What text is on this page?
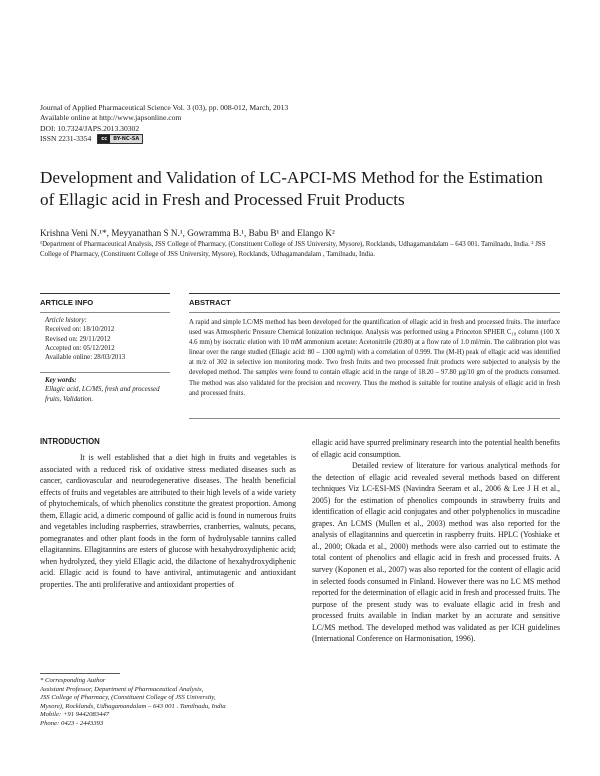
Journal of Applied Pharmaceutical Science Vol. 3 (03), pp. 008-012, March, 2013
Available online at http://www.japsonline.com
DOI: 10.7324/JAPS.2013.30302
ISSN 2231-3354	cc	BY-NC-SA
Development and Validation of LC-APCI-MS Method for the Estimation of Ellagic acid in Fresh and Processed Fruit Products
Krishna Veni N.¹*, Meyyanathan S N.¹, Gowramma B.¹, Babu B¹ and Elango K²
¹Department of Pharmaceutical Analysis, JSS College of Pharmacy, (Constituent College of JSS University, Mysore), Rocklands, Udhagamandalam – 643 001. Tamilnadu, India. ² JSS College of Pharmacy, (Constituent College of JSS University, Mysore), Rocklands, Udhagamandalam , Tamilnadu, India.
ARTICLE INFO
Article history:
Received on: 18/10/2012
Revised on: 29/11/2012
Accepted on: 05/12/2012
Available online: 28/03/2013
Key words:
Ellagic acid, LC/MS, fresh and processed fruits, Validation.
ABSTRACT
A rapid and simple LC/MS method has been developed for the quantification of ellagic acid in fresh and processed fruits. The interface used was Atmospheric Pressure Chemical Ionization technique. Analysis was performed using a Princeton SPHER C₁₈ column (100 X 4.6 mm) by isocratic elution with 10 mM ammonium acetate: Acetonitrile (20:80) at a flow rate of 1.0 ml/min. The calibration plot was linear over the range studied (Ellagic acid: 80 – 1300 ng/ml) with a correlation of 0.999. The (M-H) peak of ellagic acid was identified at m/z of 302 in selective ion monitoring mode. Two fresh fruits and two processed fruit products were subjected to analysis by the developed method. The samples were found to contain ellagic acid in the range of 18.20 – 97.80 µg/10 gm of the products consumed. The method was also validated for the precision and recovery. Thus the method is suitable for routine analysis of ellagic acid in fresh and processed fruits.
INTRODUCTION

It is well established that a diet high in fruits and vegetables is associated with a reduced risk of oxidative stress mediated diseases such as cancer, cardiovascular and neurodegenerative diseases. The health beneficial effects of fruits and vegetables are attributed to their high levels of a wide variety of phytochemicals, of which phenolics constitute the greatest proportion. Among them, Ellagic acid, a dimeric compound of gallic acid is found in numerous fruits and vegetables including raspberries, strawberries, cranberries, walnuts, pecans, pomegranates and other plant foods in the form of hydrolysable tannins called ellagitannins. Ellagitannins are esters of glucose with hexahydroxydiphenic acid; when hydrolyzed, they yield Ellagic acid, the dilactone of hexahydroxydiphenic acid. Ellagic acid is found to have antiviral, antimutagenic and antioxidant properties. The anti proliferative and antioxidant properties of

ellagic acid have spurred preliminary research into the potential health benefits of ellagic acid consumption.

Detailed review of literature for various analytical methods for the detection of ellagic acid revealed several methods based on different techniques Viz LC-ESI-MS (Navindra Seeram et al., 2006 & Lee J H et al., 2005) for the estimation of phenolics compounds in strawberry fruits and identification of ellagic acid conjugates and other polyphenolics in muscadine grapes. An LCMS (Mullen et al., 2003) method was also reported for the analysis of ellagitannins and quercetin in raspberry fruits. HPLC (Yoshiake et al., 2000; Okada et al., 2000) methods were also carried out to estimate the total content of phenolics and ellagic acid in fresh and processed fruits. A survey (Koponen et al., 2007) was also reported for the content of ellagic acid in selected foods consumed in Finland. However there was no LC MS method reported for the determination of ellagic acid in fresh and processed fruits. The purpose of the present study was to evaluate ellagic acid in fresh and processed fruits available in Indian market by an accurate and sensitive LC/MS method. The developed method was validated as per ICH guidelines (International Conference on Harmonisation, 1996).

* Corresponding Author
Assistant Professor, Department of Pharmaceutical Analysis,
JSS College of Pharmacy, (Constituent College of JSS University,
Mysore), Rocklands, Udhagamandalam – 643 001 . Tamilnadu, India
Mobile: +91 9442083447
Phone: 0423 - 2443393
